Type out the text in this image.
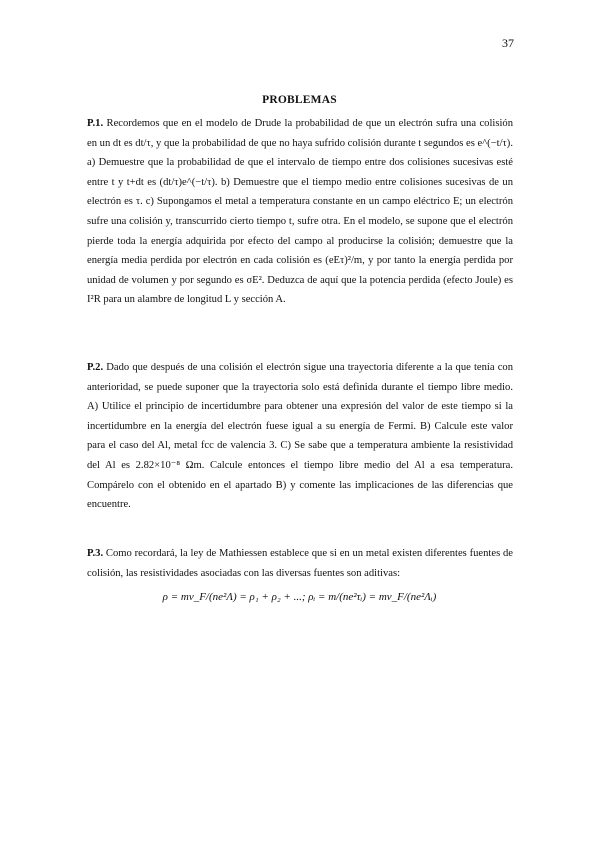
37
PROBLEMAS
P.1. Recordemos que en el modelo de Drude la probabilidad de que un electrón sufra una colisión en un dt es dt/τ, y que la probabilidad de que no haya sufrido colisión durante t segundos es e^(−t/τ). a) Demuestre que la probabilidad de que el intervalo de tiempo entre dos colisiones sucesivas esté entre t y t+dt es (dt/τ)e^(−t/τ). b) Demuestre que el tiempo medio entre colisiones sucesivas de un electrón es τ. c) Supongamos el metal a temperatura constante en un campo eléctrico E; un electrón sufre una colisión y, transcurrido cierto tiempo t, sufre otra. En el modelo, se supone que el electrón pierde toda la energía adquirida por efecto del campo al producirse la colisión; demuestre que la energía media perdida por electrón en cada colisión es (eEτ)²/m, y por tanto la energía perdida por unidad de volumen y por segundo es σE². Deduzca de aquí que la potencia perdida (efecto Joule) es I²R para un alambre de longitud L y sección A.
P.2. Dado que después de una colisión el electrón sigue una trayectoria diferente a la que tenía con anterioridad, se puede suponer que la trayectoria solo está definida durante el tiempo libre medio. A) Utilice el principio de incertidumbre para obtener una expresión del valor de este tiempo si la incertidumbre en la energía del electrón fuese igual a su energía de Fermi. B) Calcule este valor para el caso del Al, metal fcc de valencia 3. C) Se sabe que a temperatura ambiente la resistividad del Al es 2.82×10⁻⁸ Ωm. Calcule entonces el tiempo libre medio del Al a esa temperatura. Compárelo con el obtenido en el apartado B) y comente las implicaciones de las diferencias que encuentre.
P.3. Como recordará, la ley de Mathiessen establece que si en un metal existen diferentes fuentes de colisión, las resistividades asociadas con las diversas fuentes son aditivas:
ρ = mv_F/(ne²Λ) = ρ₁ + ρ₂ + ...; ρᵢ = m/(ne²τᵢ) = mv_F/(ne²Λᵢ)
